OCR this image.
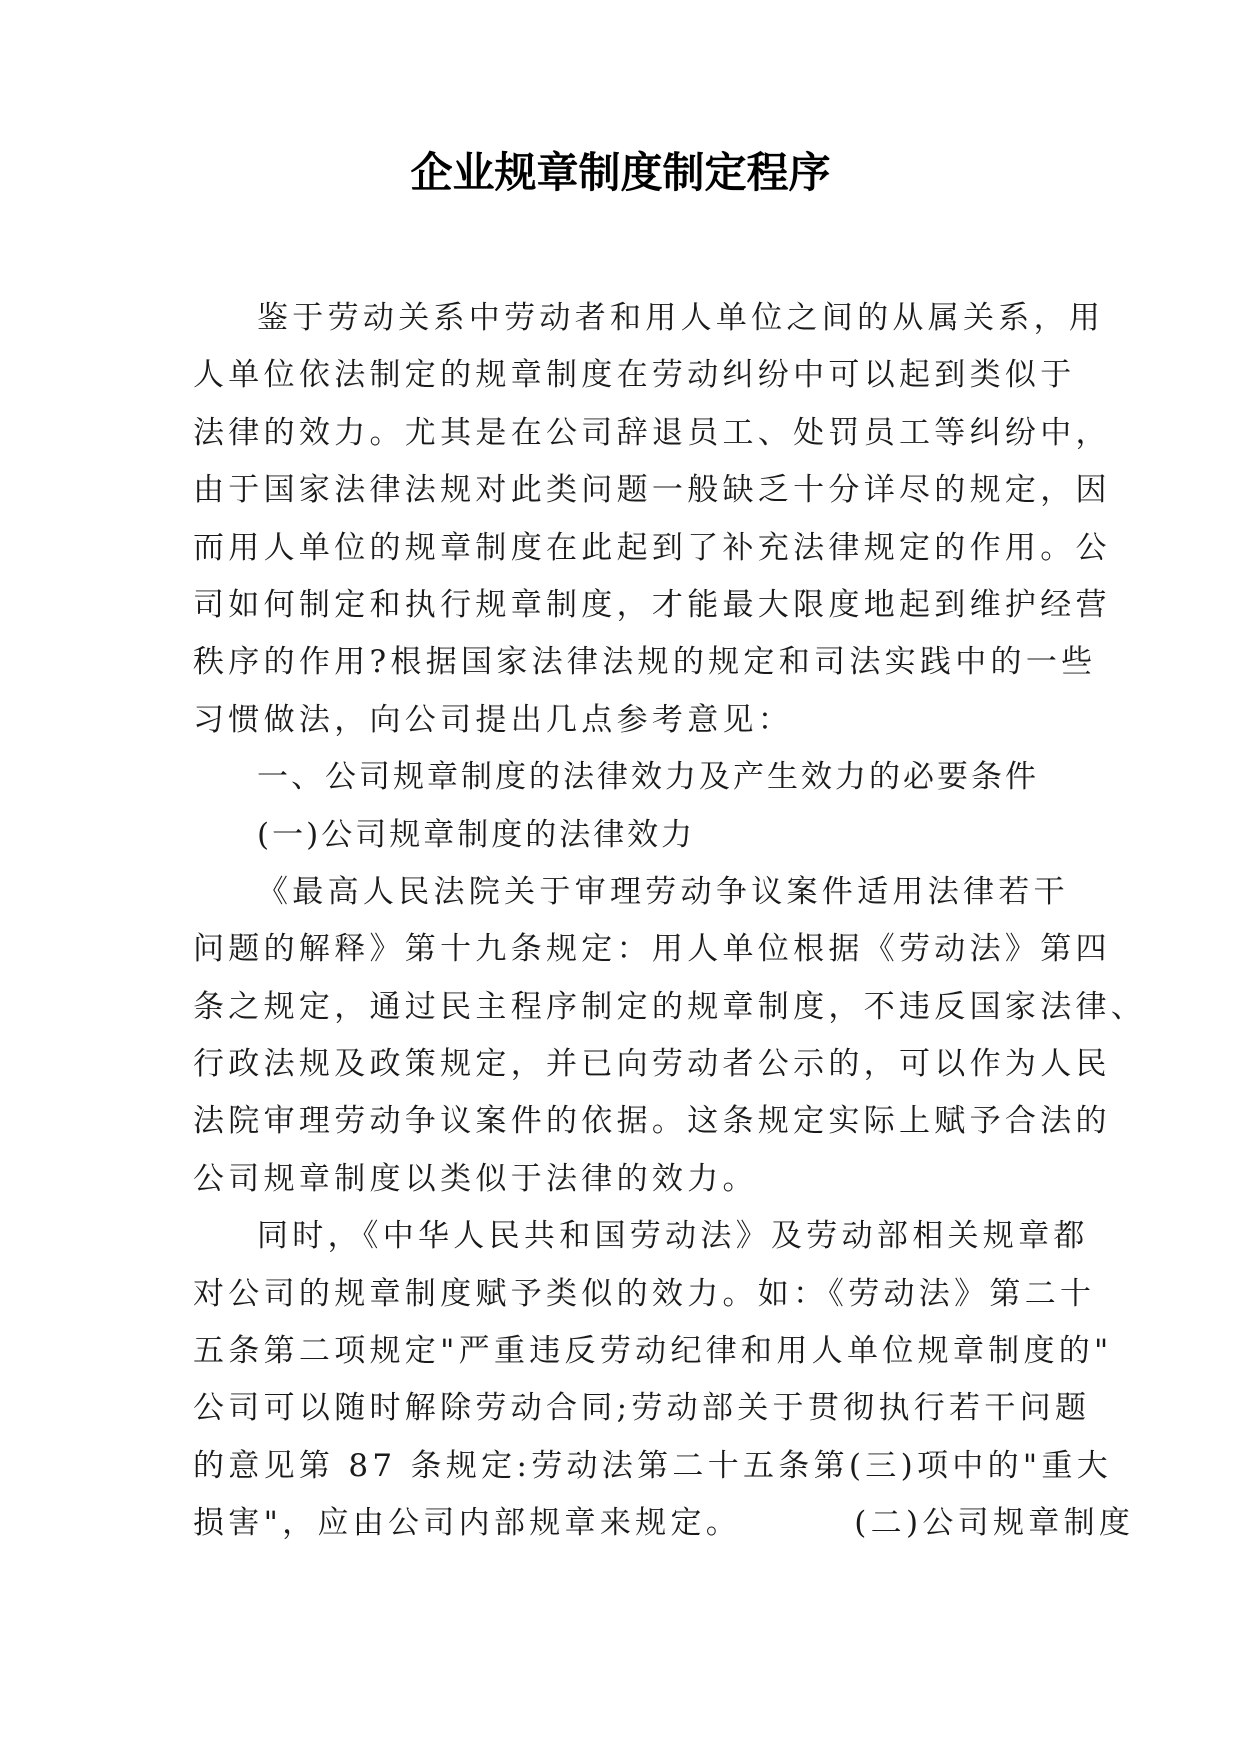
企业规章制度制定程序
鉴于劳动关系中劳动者和用人单位之间的从属关系，用
人单位依法制定的规章制度在劳动纠纷中可以起到类似于
法律的效力。尤其是在公司辞退员工、处罚员工等纠纷中，
由于国家法律法规对此类问题一般缺乏十分详尽的规定，因
而用人单位的规章制度在此起到了补充法律规定的作用。公
司如何制定和执行规章制度，才能最大限度地起到维护经营
秩序的作用?根据国家法律法规的规定和司法实践中的一些
习惯做法，向公司提出几点参考意见：
一、公司规章制度的法律效力及产生效力的必要条件
(一)公司规章制度的法律效力
《最高人民法院关于审理劳动争议案件适用法律若干
问题的解释》第十九条规定：用人单位根据《劳动法》第四
条之规定，通过民主程序制定的规章制度，不违反国家法律、
行政法规及政策规定，并已向劳动者公示的，可以作为人民
法院审理劳动争议案件的依据。这条规定实际上赋予合法的
公司规章制度以类似于法律的效力。
同时，《中华人民共和国劳动法》及劳动部相关规章都
对公司的规章制度赋予类似的效力。如：《劳动法》第二十
五条第二项规定"严重违反劳动纪律和用人单位规章制度的"
公司可以随时解除劳动合同;劳动部关于贯彻执行若干问题
的意见第 87 条规定:劳动法第二十五条第(三)项中的"重大
损害"，应由公司内部规章来规定。        (二)公司规章制度
